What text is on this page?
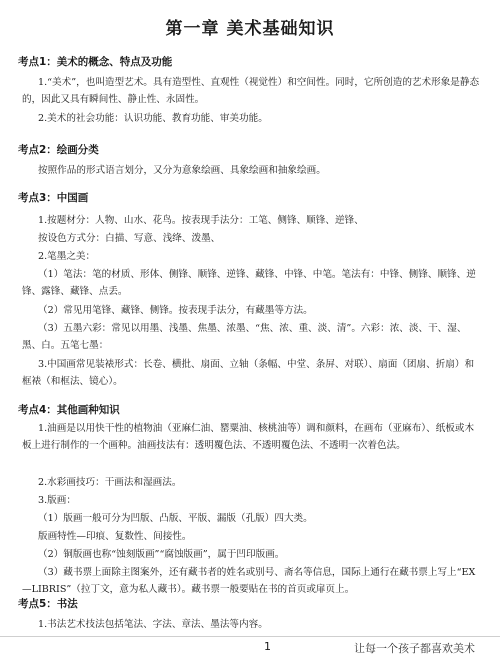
第一章 美术基础知识
考点1：美术的概念、特点及功能
1.“美术”，也叫造型艺术。具有造型性、直观性（视觉性）和空间性。同时，它所创造的艺术形象是静态的，因此又具有瞬间性、静止性、永固性。
2.美术的社会功能：认识功能、教育功能、审美功能。
考点2：绘画分类
按照作品的形式语言划分，又分为意象绘画、具象绘画和抽象绘画。
考点3：中国画
1.按题材分：人物、山水、花鸟。按表现手法分：工笔、侧锋、顺锋、逆锋、
按设色方式分：白描、写意、浅绛、泼墨、
2.笔墨之美：
（1）笔法：笔的材质、形体、侧锋、顺锋、逆锋、藏锋、中锋、中笔。笔法有：中锋、侧锋、顺锋、逆锋、露锋、藏锋、点丢。
（2）常见用笔锋、藏锋、侧锋。按表现手法分，有藏墨等方法。
（3）五墨六彩：常见以用墨、浅墨、焦墨、浓墨、“焦、浓、重、淡、清”。六彩：浓、淡、干、湿、黑、白。五笔七墨：
3.中国画常见装裱形式：长卷、横批、扇面、立轴（条幅、中堂、条屏、对联）、扇面（团扇、折扇）和框裱（和框法、镜心）。
考点4：其他画种知识
1.油画是以用快干性的植物油（亚麻仁油、罂粟油、核桃油等）调和颜料，在画布（亚麻布）、纸板或木板上进行制作的一个画种。油画技法有：透明覆色法、不透明覆色法、不透明一次着色法。
2.水彩画技巧：干画法和湿画法。
3.版画：
（1）版画一般可分为凹版、凸版、平版、漏版（孔版）四大类。
版画特性—印痕、复数性、间接性。
（2）铜版画也称“蚀刻版画”“腐蚀版画”，属于凹印版画。
（3）藏书票上面除主图案外，还有藏书者的姓名或别号、斋名等信息，国际上通行在藏书票上写上“EX—LIBRIS”（拉丁文，意为私人藏书）。藏书票一般要贴在书的首页或扉页上。
考点5：书法
1.书法艺术技法包括笔法、字法、章法、墨法等内容。
1	让每一个孩子都喜欢美术
